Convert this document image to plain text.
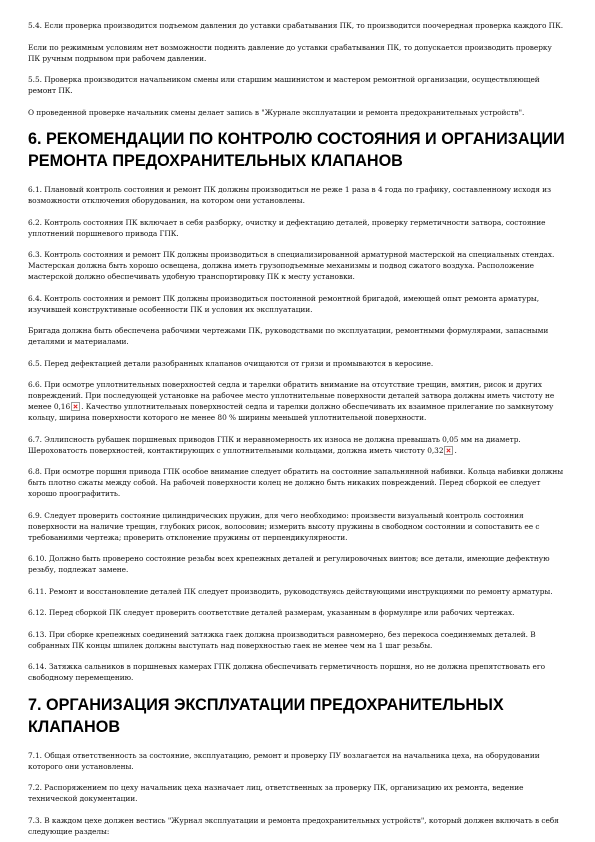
5.4. Если проверка производится подъемом давления до уставки срабатывания ПК, то производится поочередная проверка каждого ПК.

Если по режимным условиям нет возможности поднять давление до уставки срабатывания ПК, то допускается производить проверку ПК ручным подрывом при рабочем давлении.

5.5. Проверка производится начальником смены или старшим машинистом и мастером ремонтной организации, осуществляющей ремонт ПК.

О проведенной проверке начальник смены делает запись в "Журнале эксплуатации и ремонта предохранительных устройств".

6. РЕКОМЕНДАЦИИ ПО КОНТРОЛЮ СОСТОЯНИЯ И ОРГАНИЗАЦИИ РЕМОНТА ПРЕДОХРАНИТЕЛЬНЫХ КЛАПАНОВ

6.1. Плановый контроль состояния и ремонт ПК должны производиться не реже 1 раза в 4 года по графику, составленному исходя из возможности отключения оборудования, на котором они установлены.

6.2. Контроль состояния ПК включает в себя разборку, очистку и дефектацию деталей, проверку герметичности затвора, состояние уплотнений поршневого привода ГПК.

6.3. Контроль состояния и ремонт ПК должны производиться в специализированной арматурной мастерской на специальных стендах. Мастерская должна быть хорошо освещена, должна иметь грузоподъемные механизмы и подвод сжатого воздуха. Расположение мастерской должно обеспечивать удобную транспортировку ПК к месту установки.

6.4. Контроль состояния и ремонт ПК должны производиться постоянной ремонтной бригадой, имеющей опыт ремонта арматуры, изучившей конструктивные особенности ПК и условия их эксплуатации.

Бригада должна быть обеспечена рабочими чертежами ПК, руководствами по эксплуатации, ремонтными формулярами, запасными деталями и материалами.

6.5. Перед дефектацией детали разобранных клапанов очищаются от грязи и промываются в керосине.

6.6. При осмотре уплотнительных поверхностей седла и тарелки обратить внимание на отсутствие трещин, вмятин, рисок и других повреждений. При последующей установке на рабочее место уплотнительные поверхности деталей затвора должны иметь чистоту не менее 0,16 . Качество уплотнительных поверхностей седла и тарелки должно обеспечивать их взаимное прилегание по замкнутому кольцу, ширина поверхности которого не менее 80 % ширины меньшей уплотнительной поверхности.

6.7. Эллипсность рубашек поршневых приводов ГПК и неравномерность их износа не должна превышать 0,05 мм на диаметр. Шероховатость поверхностей, контактирующих с уплотнительными кольцами, должна иметь чистоту 0,32 .

6.8. При осмотре поршня привода ГПК особое внимание следует обратить на состояние запальнянной набивки. Кольца набивки должны быть плотно сжаты между собой. На рабочей поверхности колец не должно быть никаких повреждений. Перед сборкой ее следует хорошо проографитить.

6.9. Следует проверить состояние цилиндрических пружин, для чего необходимо: произвести визуальный контроль состояния поверхности на наличие трещин, глубоких рисок, волосовин; измерить высоту пружины в свободном состоянии и сопоставить ее с требованиями чертежа; проверить отклонение пружины от перпендикулярности.

6.10. Должно быть проверено состояние резьбы всех крепежных деталей и регулировочных винтов; все детали, имеющие дефектную резьбу, подлежат замене.

6.11. Ремонт и восстановление деталей ПК следует производить, руководствуясь действующими инструкциями по ремонту арматуры.

6.12. Перед сборкой ПК следует проверить соответствие деталей размерам, указанным в формуляре или рабочих чертежах.

6.13. При сборке крепежных соединений затяжка гаек должна производиться равномерно, без перекоса соединяемых деталей. В собранных ПК концы шпилек должны выступать над поверхностью гаек не менее чем на 1 шаг резьбы.

6.14. Затяжка сальников в поршневых камерах ГПК должна обеспечивать герметичность поршня, но не должна препятствовать его свободному перемещению.

7. ОРГАНИЗАЦИЯ ЭКСПЛУАТАЦИИ ПРЕДОХРАНИТЕЛЬНЫХ КЛАПАНОВ

7.1. Общая ответственность за состояние, эксплуатацию, ремонт и проверку ПУ возлагается на начальника цеха, на оборудовании которого они установлены.

7.2. Распоряжением по цеху начальник цеха назначает лиц, ответственных за проверку ПК, организацию их ремонта, ведение технической документации.

7.3. В каждом цехе должен вестись "Журнал эксплуатации и ремонта предохранительных устройств", который должен включать в себя следующие разделы:
